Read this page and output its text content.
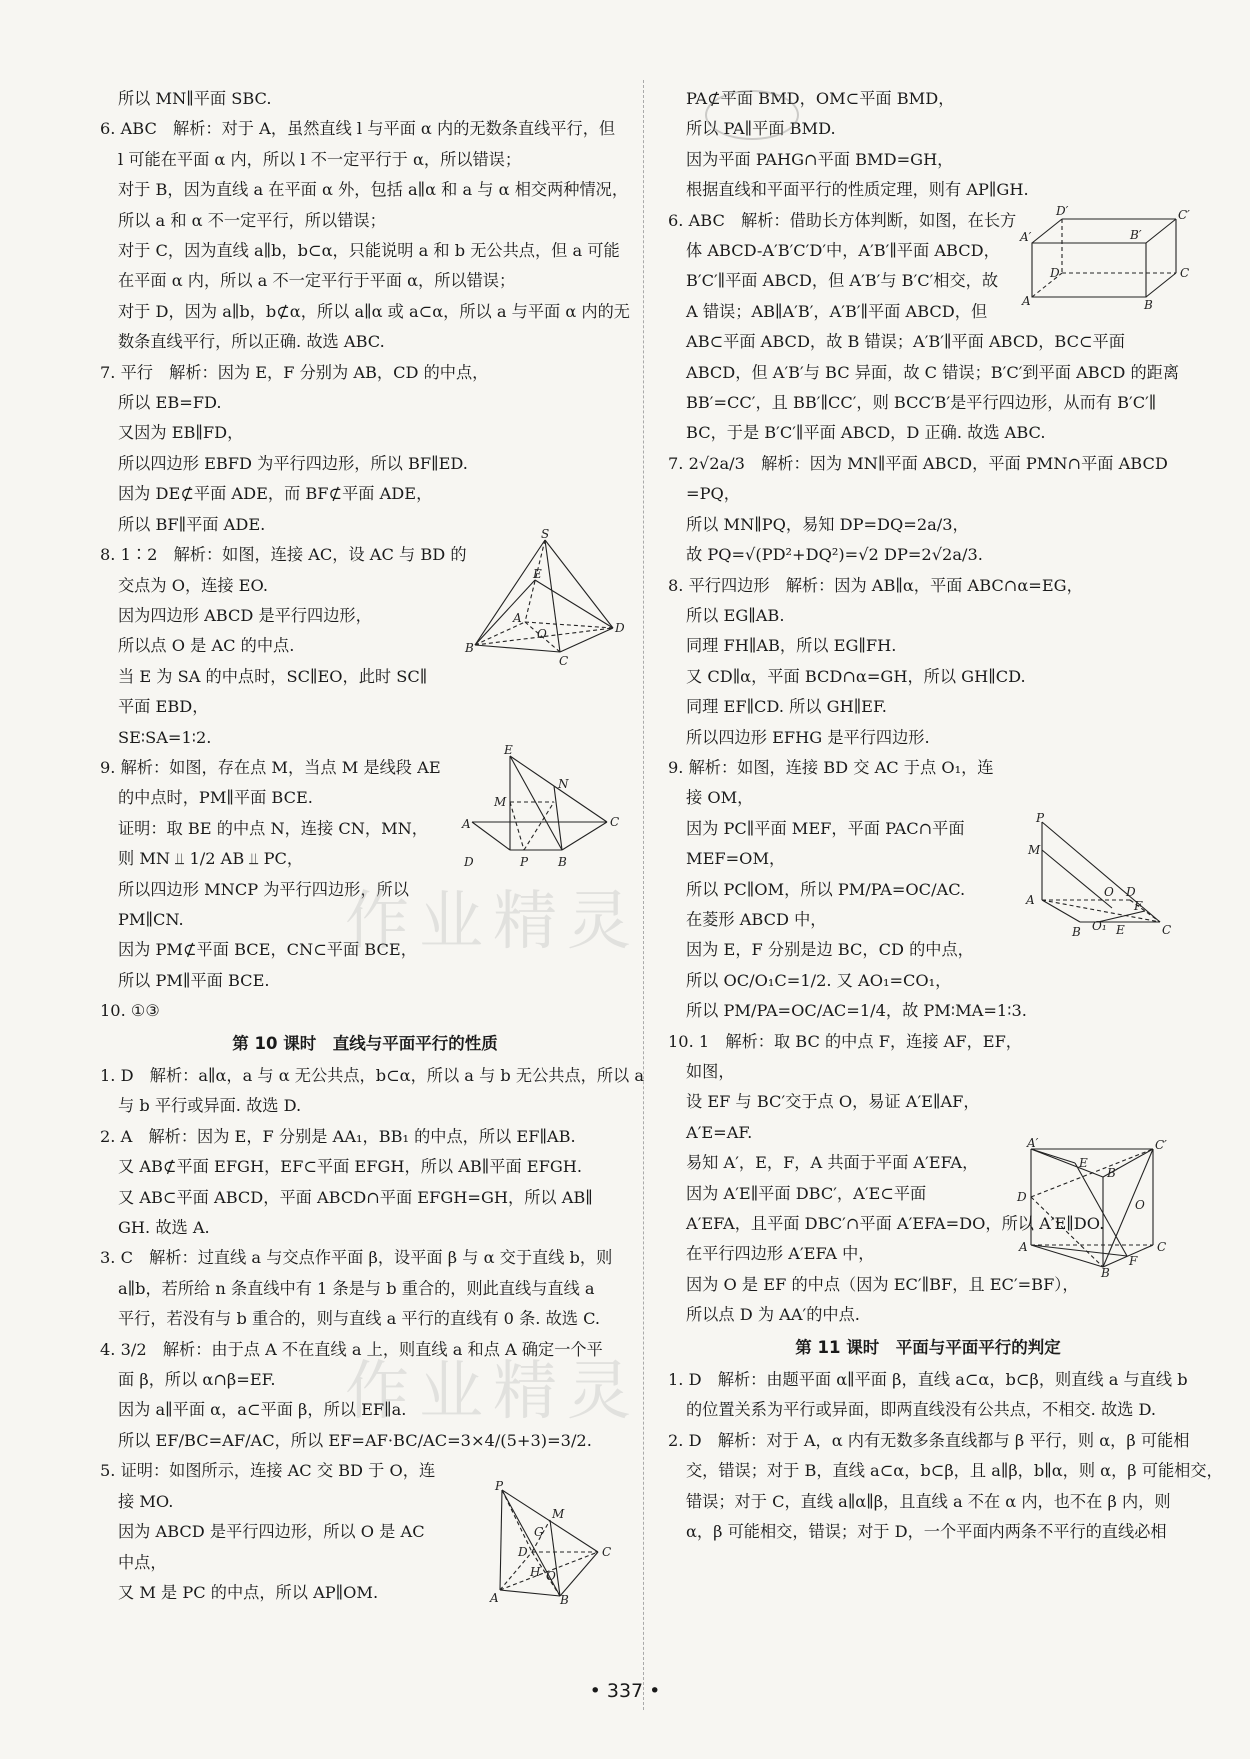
所以 MN∥平面 SBC.
6. ABC　解析：对于 A，虽然直线 l 与平面 α 内的无数条直线平行，但
l 可能在平面 α 内，所以 l 不一定平行于 α，所以错误；
对于 B，因为直线 a 在平面 α 外，包括 a∥α 和 a 与 α 相交两种情况，
所以 a 和 α 不一定平行，所以错误；
对于 C，因为直线 a∥b，b⊂α，只能说明 a 和 b 无公共点，但 a 可能
在平面 α 内，所以 a 不一定平行于平面 α，所以错误；
对于 D，因为 a∥b，b⊄α，所以 a∥α 或 a⊂α，所以 a 与平面 α 内的无
数条直线平行，所以正确. 故选 ABC.
7. 平行　解析：因为 E，F 分别为 AB，CD 的中点，
所以 EB=FD.
又因为 EB∥FD，
所以四边形 EBFD 为平行四边形，所以 BF∥ED.
因为 DE⊄平面 ADE，而 BF⊄平面 ADE，
所以 BF∥平面 ADE.
8. 1∶2　解析：如图，连接 AC，设 AC 与 BD 的
交点为 O，连接 EO.
因为四边形 ABCD 是平行四边形，
所以点 O 是 AC 的中点.
当 E 为 SA 的中点时，SC∥EO，此时 SC∥
平面 EBD，
SE∶SA=1∶2.
9. 解析：如图，存在点 M，当点 M 是线段 AE
的中点时，PM∥平面 BCE.
证明：取 BE 的中点 N，连接 CN，MN，
则 MN ⫫ 1/2 AB ⫫ PC，
所以四边形 MNCP 为平行四边形，所以
PM∥CN.
因为 PM⊄平面 BCE，CN⊂平面 BCE，
所以 PM∥平面 BCE.
10. ①③
第 10 课时　直线与平面平行的性质
1. D　解析：a∥α，a 与 α 无公共点，b⊂α，所以 a 与 b 无公共点，所以 a
与 b 平行或异面. 故选 D.
2. A　解析：因为 E，F 分别是 AA₁，BB₁ 的中点，所以 EF∥AB.
又 AB⊄平面 EFGH，EF⊂平面 EFGH，所以 AB∥平面 EFGH.
又 AB⊂平面 ABCD，平面 ABCD∩平面 EFGH=GH，所以 AB∥
GH. 故选 A.
3. C　解析：过直线 a 与交点作平面 β，设平面 β 与 α 交于直线 b，则
a∥b，若所给 n 条直线中有 1 条是与 b 重合的，则此直线与直线 a
平行，若没有与 b 重合的，则与直线 a 平行的直线有 0 条. 故选 C.
4. 3/2　解析：由于点 A 不在直线 a 上，则直线 a 和点 A 确定一个平
面 β，所以 α∩β=EF.
因为 a∥平面 α，a⊂平面 β，所以 EF∥a.
所以 EF/BC=AF/AC，所以 EF=AF·BC/AC=3×4/(5+3)=3/2.
5. 证明：如图所示，连接 AC 交 BD 于 O，连
接 MO.
因为 ABCD 是平行四边形，所以 O 是 AC
中点，
又 M 是 PC 的中点，所以 AP∥OM.
PA⊄平面 BMD，OM⊂平面 BMD，
所以 PA∥平面 BMD.
因为平面 PAHG∩平面 BMD=GH，
根据直线和平面平行的性质定理，则有 AP∥GH.
6. ABC　解析：借助长方体判断，如图，在长方
体 ABCD-A′B′C′D′中，A′B′∥平面 ABCD，
B′C′∥平面 ABCD，但 A′B′与 B′C′相交，故
A 错误；AB∥A′B′，A′B′∥平面 ABCD，但
AB⊂平面 ABCD，故 B 错误；A′B′∥平面 ABCD，BC⊂平面
ABCD，但 A′B′与 BC 异面，故 C 错误；B′C′到平面 ABCD 的距离
BB′=CC′，且 BB′∥CC′，则 BCC′B′是平行四边形，从而有 B′C′∥
BC，于是 B′C′∥平面 ABCD，D 正确. 故选 ABC.
7. 2√2a/3　解析：因为 MN∥平面 ABCD，平面 PMN∩平面 ABCD
=PQ，
所以 MN∥PQ，易知 DP=DQ=2a/3，
故 PQ=√(PD²+DQ²)=√2 DP=2√2a/3.
8. 平行四边形　解析：因为 AB∥α，平面 ABC∩α=EG，
所以 EG∥AB.
同理 FH∥AB，所以 EG∥FH.
又 CD∥α，平面 BCD∩α=GH，所以 GH∥CD.
同理 EF∥CD. 所以 GH∥EF.
所以四边形 EFHG 是平行四边形.
9. 解析：如图，连接 BD 交 AC 于点 O₁，连
接 OM，
因为 PC∥平面 MEF，平面 PAC∩平面
MEF=OM，
所以 PC∥OM，所以 PM/PA=OC/AC.
在菱形 ABCD 中，
因为 E，F 分别是边 BC，CD 的中点，
所以 OC/O₁C=1/2. 又 AO₁=CO₁，
所以 PM/PA=OC/AC=1/4，故 PM∶MA=1∶3.
10. 1　解析：取 BC 的中点 F，连接 AF，EF，
如图，
设 EF 与 BC′交于点 O，易证 A′E∥AF，
A′E=AF.
易知 A′，E，F，A 共面于平面 A′EFA，
因为 A′E∥平面 DBC′，A′E⊂平面
A′EFA，且平面 DBC′∩平面 A′EFA=DO，所以 A′E∥DO.
在平行四边形 A′EFA 中，
因为 O 是 EF 的中点（因为 EC′∥BF，且 EC′=BF），
所以点 D 为 AA′的中点.
第 11 课时　平面与平面平行的判定
1. D　解析：由题平面 α∥平面 β，直线 a⊂α，b⊂β，则直线 a 与直线 b
的位置关系为平行或异面，即两直线没有公共点，不相交. 故选 D.
2. D　解析：对于 A，α 内有无数多条直线都与 β 平行，则 α，β 可能相
交，错误；对于 B，直线 a⊂α，b⊂β，且 a∥β，b∥α，则 α，β 可能相交，
错误；对于 C，直线 a∥α∥β，且直线 a 不在 α 内，也不在 β 内，则
α，β 可能相交，错误；对于 D，一个平面内两条不平行的直线必相
S
E
A
O
B
C
D
E
M
N
A
D	P B
C
P
M
G
D
H O
C
A	B
D′	C′
A′	B′
D	C
A	B
P
M
A
O D
F
B O₁ E	C
A′	C′
B′
E
D
O
A	C
B
F
作业精灵
作业精灵
• 337 •
